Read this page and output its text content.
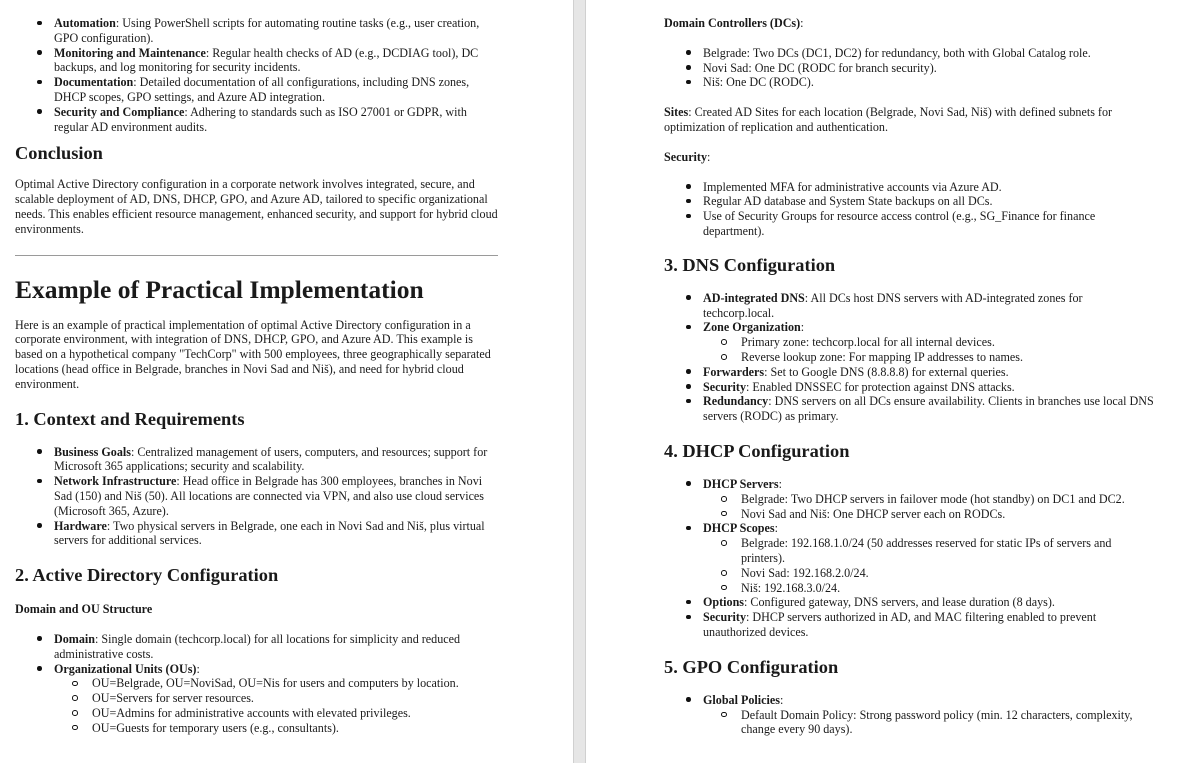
Automation: Using PowerShell scripts for automating routine tasks (e.g., user creation, GPO configuration).
Monitoring and Maintenance: Regular health checks of AD (e.g., DCDIAG tool), DC backups, and log monitoring for security incidents.
Documentation: Detailed documentation of all configurations, including DNS zones, DHCP scopes, GPO settings, and Azure AD integration.
Security and Compliance: Adhering to standards such as ISO 27001 or GDPR, with regular AD environment audits.
Conclusion

Optimal Active Directory configuration in a corporate network involves integrated, secure, and scalable deployment of AD, DNS, DHCP, GPO, and Azure AD, tailored to specific organizational needs. This enables efficient resource management, enhanced security, and support for hybrid cloud environments.

Example of Practical Implementation

Here is an example of practical implementation of optimal Active Directory configuration in a corporate environment, with integration of DNS, DHCP, GPO, and Azure AD. This example is based on a hypothetical company "TechCorp" with 500 employees, three geographically separated locations (head office in Belgrade, branches in Novi Sad and Niš), and need for hybrid cloud environment.

1. Context and Requirements
Business Goals: Centralized management of users, computers, and resources; support for Microsoft 365 applications; security and scalability.
Network Infrastructure: Head office in Belgrade has 300 employees, branches in Novi Sad (150) and Niš (50). All locations are connected via VPN, and also use cloud services (Microsoft 365, Azure).
Hardware: Two physical servers in Belgrade, one each in Novi Sad and Niš, plus virtual servers for additional services.
2. Active Directory Configuration
Domain and OU Structure
Domain: Single domain (techcorp.local) for all locations for simplicity and reduced administrative costs.
Organizational Units (OUs):
OU=Belgrade, OU=NoviSad, OU=Nis for users and computers by location.
OU=Servers for server resources.
OU=Admins for administrative accounts with elevated privileges.
OU=Guests for temporary users (e.g., consultants).
Domain Controllers (DCs):
Belgrade: Two DCs (DC1, DC2) for redundancy, both with Global Catalog role.
Novi Sad: One DC (RODC for branch security).
Niš: One DC (RODC).

Sites: Created AD Sites for each location (Belgrade, Novi Sad, Niš) with defined subnets for optimization of replication and authentication.

Security:

Implemented MFA for administrative accounts via Azure AD.
Regular AD database and System State backups on all DCs.
Use of Security Groups for resource access control (e.g., SG_Finance for finance department).
3. DNS Configuration
AD-integrated DNS: All DCs host DNS servers with AD-integrated zones for techcorp.local.
Zone Organization:
Primary zone: techcorp.local for all internal devices.
Reverse lookup zone: For mapping IP addresses to names.
Forwarders: Set to Google DNS (8.8.8.8) for external queries.
Security: Enabled DNSSEC for protection against DNS attacks.
Redundancy: DNS servers on all DCs ensure availability. Clients in branches use local DNS servers (RODC) as primary.
4. DHCP Configuration
DHCP Servers:
Belgrade: Two DHCP servers in failover mode (hot standby) on DC1 and DC2.
Novi Sad and Niš: One DHCP server each on RODCs.
DHCP Scopes:
Belgrade: 192.168.1.0/24 (50 addresses reserved for static IPs of servers and printers).
Novi Sad: 192.168.2.0/24.
Niš: 192.168.3.0/24.
Options: Configured gateway, DNS servers, and lease duration (8 days).
Security: DHCP servers authorized in AD, and MAC filtering enabled to prevent unauthorized devices.
5. GPO Configuration
Global Policies:
Default Domain Policy: Strong password policy (min. 12 characters, complexity, change every 90 days).
